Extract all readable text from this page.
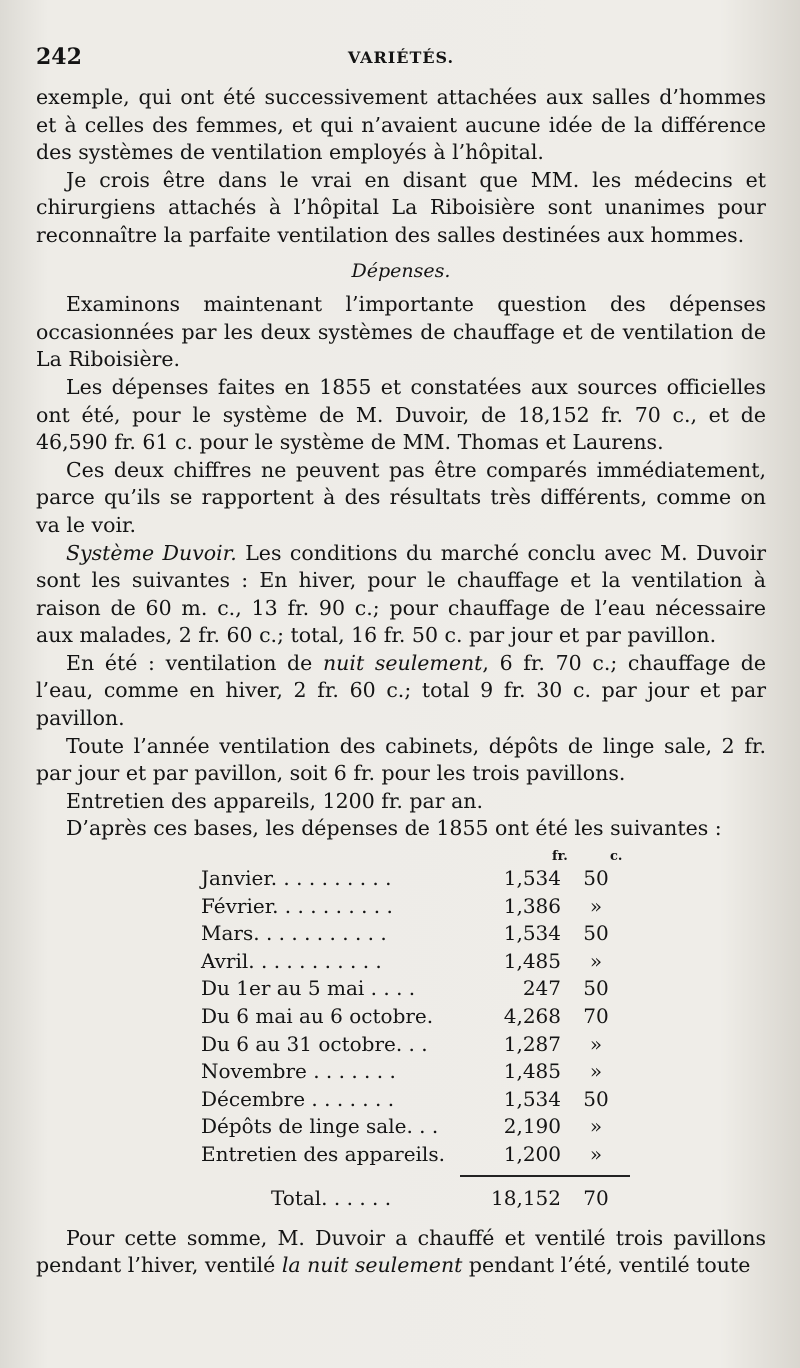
242	VARIÉTÉS.

exemple, qui ont été successivement attachées aux salles d’hommes et à celles des femmes, et qui n’avaient aucune idée de la différence des systèmes de ventilation employés à l’hôpital.

Je crois être dans le vrai en disant que MM. les médecins et chirurgiens attachés à l’hôpital La Riboisière sont unanimes pour reconnaître la parfaite ventilation des salles destinées aux hommes.

Dépenses.

Examinons maintenant l’importante question des dépenses occasionnées par les deux systèmes de chauffage et de ventilation de La Riboisière.

Les dépenses faites en 1855 et constatées aux sources officielles ont été, pour le système de M. Duvoir, de 18,152 fr. 70 c., et de 46,590 fr. 61 c. pour le système de MM. Thomas et Laurens.

Ces deux chiffres ne peuvent pas être comparés immédiatement, parce qu’ils se rapportent à des résultats très différents, comme on va le voir.

Système Duvoir. Les conditions du marché conclu avec M. Duvoir sont les suivantes : En hiver, pour le chauffage et la ventilation à raison de 60 m. c., 13 fr. 90 c.; pour chauffage de l’eau nécessaire aux malades, 2 fr. 60 c.; total, 16 fr. 50 c. par jour et par pavillon.

En été : ventilation de nuit seulement, 6 fr. 70 c.; chauffage de l’eau, comme en hiver, 2 fr. 60 c.; total 9 fr. 30 c. par jour et par pavillon.

Toute l’année ventilation des cabinets, dépôts de linge sale, 2 fr. par jour et par pavillon, soit 6 fr. pour les trois pavillons.

Entretien des appareils, 1200 fr. par an.

D’après ces bases, les dépenses de 1855 ont été les suivantes :

fr.	c.
Janvier. . . . . . . . . .	1,534	50
Février. . . . . . . . . .	1,386	»
Mars. . . . . . . . . . .	1,534	50
Avril. . . . . . . . . . .	1,485	»
Du 1er au 5 mai . . . .	247	50
Du 6 mai au 6 octobre.	4,268	70
Du 6 au 31 octobre. . .	1,287	»
Novembre . . . . . . .	1,485	»
Décembre . . . . . . .	1,534	50
Dépôts de linge sale. . .	2,190	»
Entretien des appareils.	1,200	»
Total. . . . . .	18,152	70

Pour cette somme, M. Duvoir a chauffé et ventilé trois pavillons pendant l’hiver, ventilé la nuit seulement pendant l’été, ventilé toute
